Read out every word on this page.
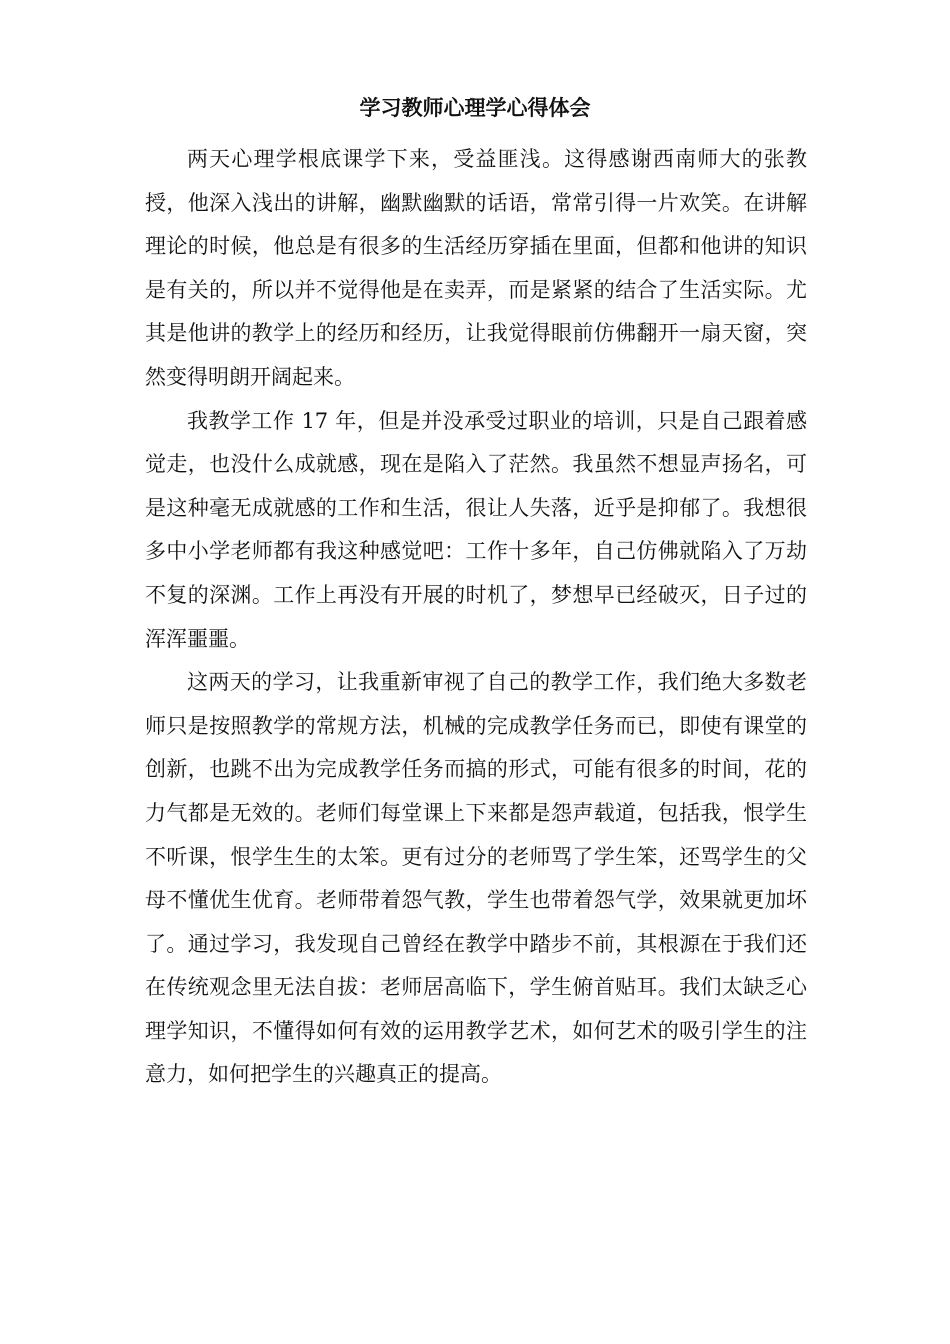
学习教师心理学心得体会

两天心理学根底课学下来，受益匪浅。这得感谢西南师大的张教授，他深入浅出的讲解，幽默幽默的话语，常常引得一片欢笑。在讲解理论的时候，他总是有很多的生活经历穿插在里面，但都和他讲的知识是有关的，所以并不觉得他是在卖弄，而是紧紧的结合了生活实际。尤其是他讲的教学上的经历和经历，让我觉得眼前仿佛翻开一扇天窗，突然变得明朗开阔起来。

我教学工作 17 年，但是并没承受过职业的培训，只是自己跟着感觉走，也没什么成就感，现在是陷入了茫然。我虽然不想显声扬名，可是这种毫无成就感的工作和生活，很让人失落，近乎是抑郁了。我想很多中小学老师都有我这种感觉吧：工作十多年，自己仿佛就陷入了万劫不复的深渊。工作上再没有开展的时机了，梦想早已经破灭，日子过的浑浑噩噩。

这两天的学习，让我重新审视了自己的教学工作，我们绝大多数老师只是按照教学的常规方法，机械的完成教学任务而已，即使有课堂的创新，也跳不出为完成教学任务而搞的形式，可能有很多的时间，花的力气都是无效的。老师们每堂课上下来都是怨声载道，包括我，恨学生不听课，恨学生生的太笨。更有过分的老师骂了学生笨，还骂学生的父母不懂优生优育。老师带着怨气教，学生也带着怨气学，效果就更加坏了。通过学习，我发现自己曾经在教学中踏步不前，其根源在于我们还在传统观念里无法自拔：老师居高临下，学生俯首贴耳。我们太缺乏心理学知识，不懂得如何有效的运用教学艺术，如何艺术的吸引学生的注意力，如何把学生的兴趣真正的提高。
